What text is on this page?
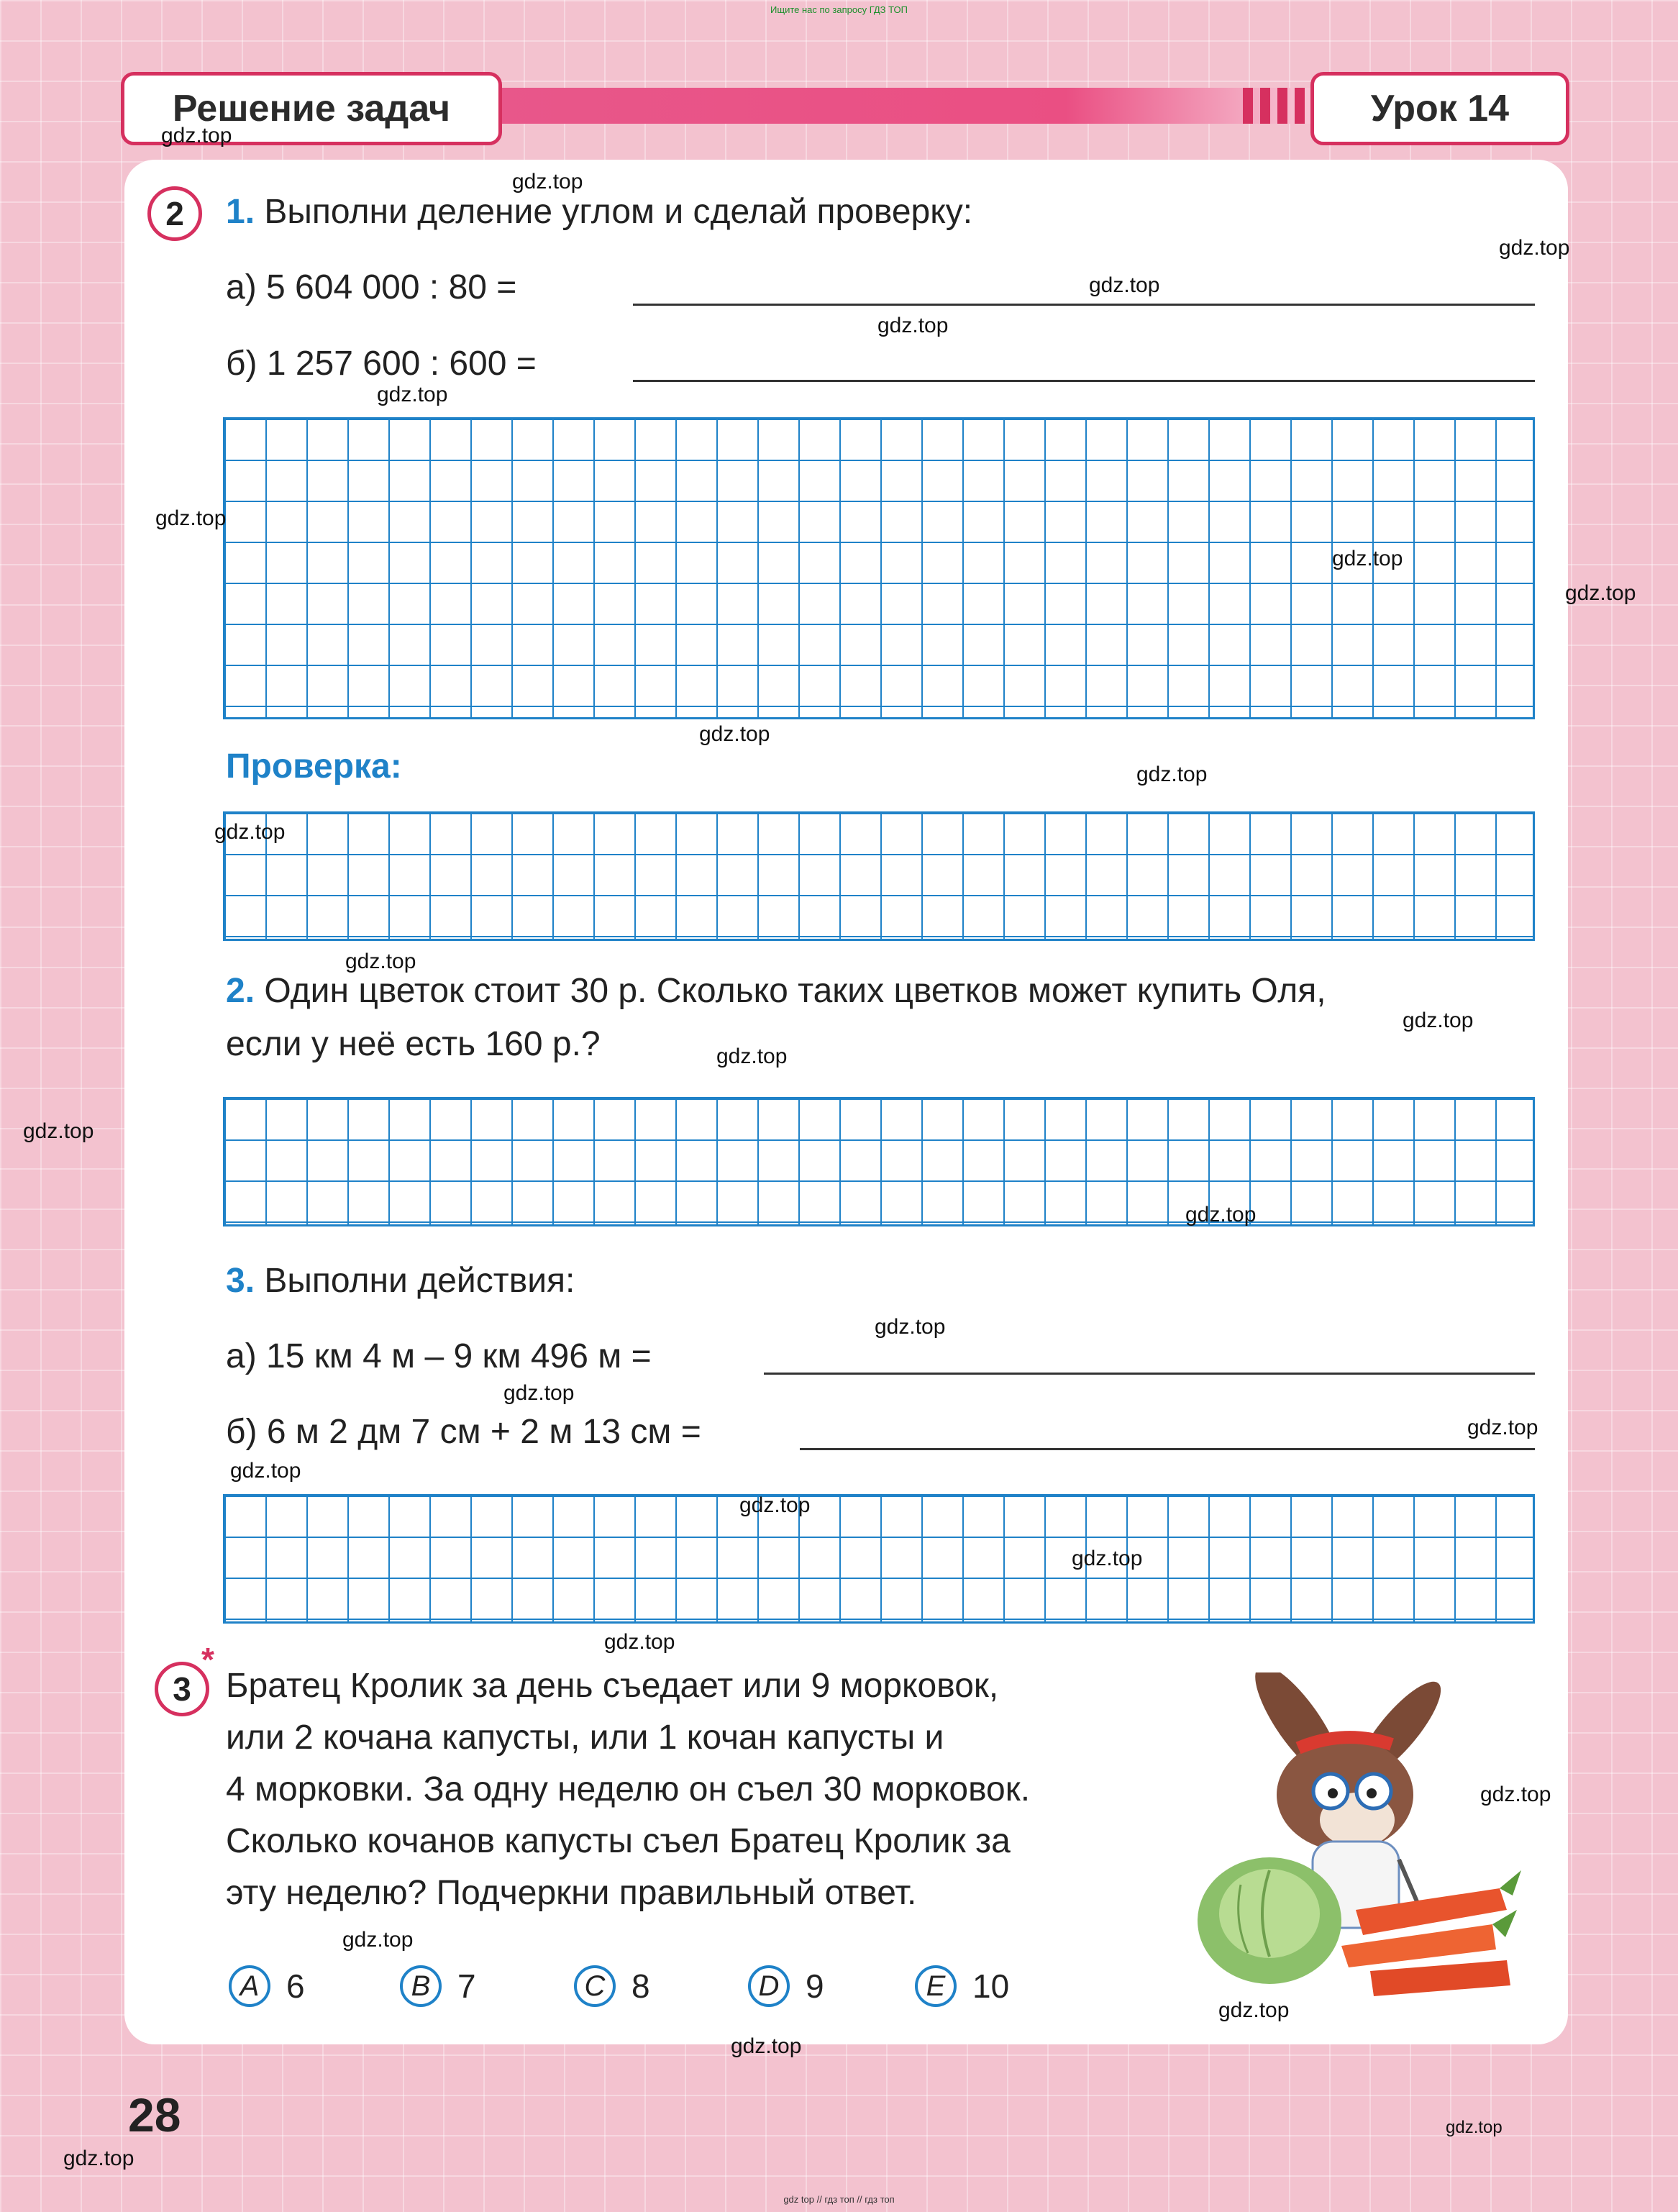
Ищите нас по запросу ГДЗ ТОП
Решение задач	Урок 14
2	1. Выполни деление углом и сделай проверку:
а) 5 604 000 : 80 =
б) 1 257 600 : 600 =
Проверка:
2. Один цветок стоит 30 р. Сколько таких цветков может купить Оля,
если у неё есть 160 р.?
3. Выполни действия:
а) 15 км 4 м – 9 км 496 м =
б) 6 м 2 дм 7 см + 2 м 13 см =
3
*
Братец Кролик за день съедает или 9 морковок,
или 2 кочана капусты, или 1 кочан капусты и
4 морковки. За одну неделю он съел 30 морковок.
Сколько кочанов капусты съел Братец Кролик за
эту неделю? Подчеркни правильный ответ.
A 6	B 7	C 8	D 9	E 10
28
gdz top // гдз топ // гдз топ
gdz.top
gdz.top
gdz.top
gdz.top
gdz.top
gdz.top
gdz.top
gdz.top
gdz.top
gdz.top
gdz.top
gdz.top
gdz.top
gdz.top
gdz.top
gdz.top
gdz.top
gdz.top
gdz.top
gdz.top
gdz.top
gdz.top
gdz.top
gdz.top
gdz.top
gdz.top
gdz.top
gdz.top
gdz.top
gdz.top
